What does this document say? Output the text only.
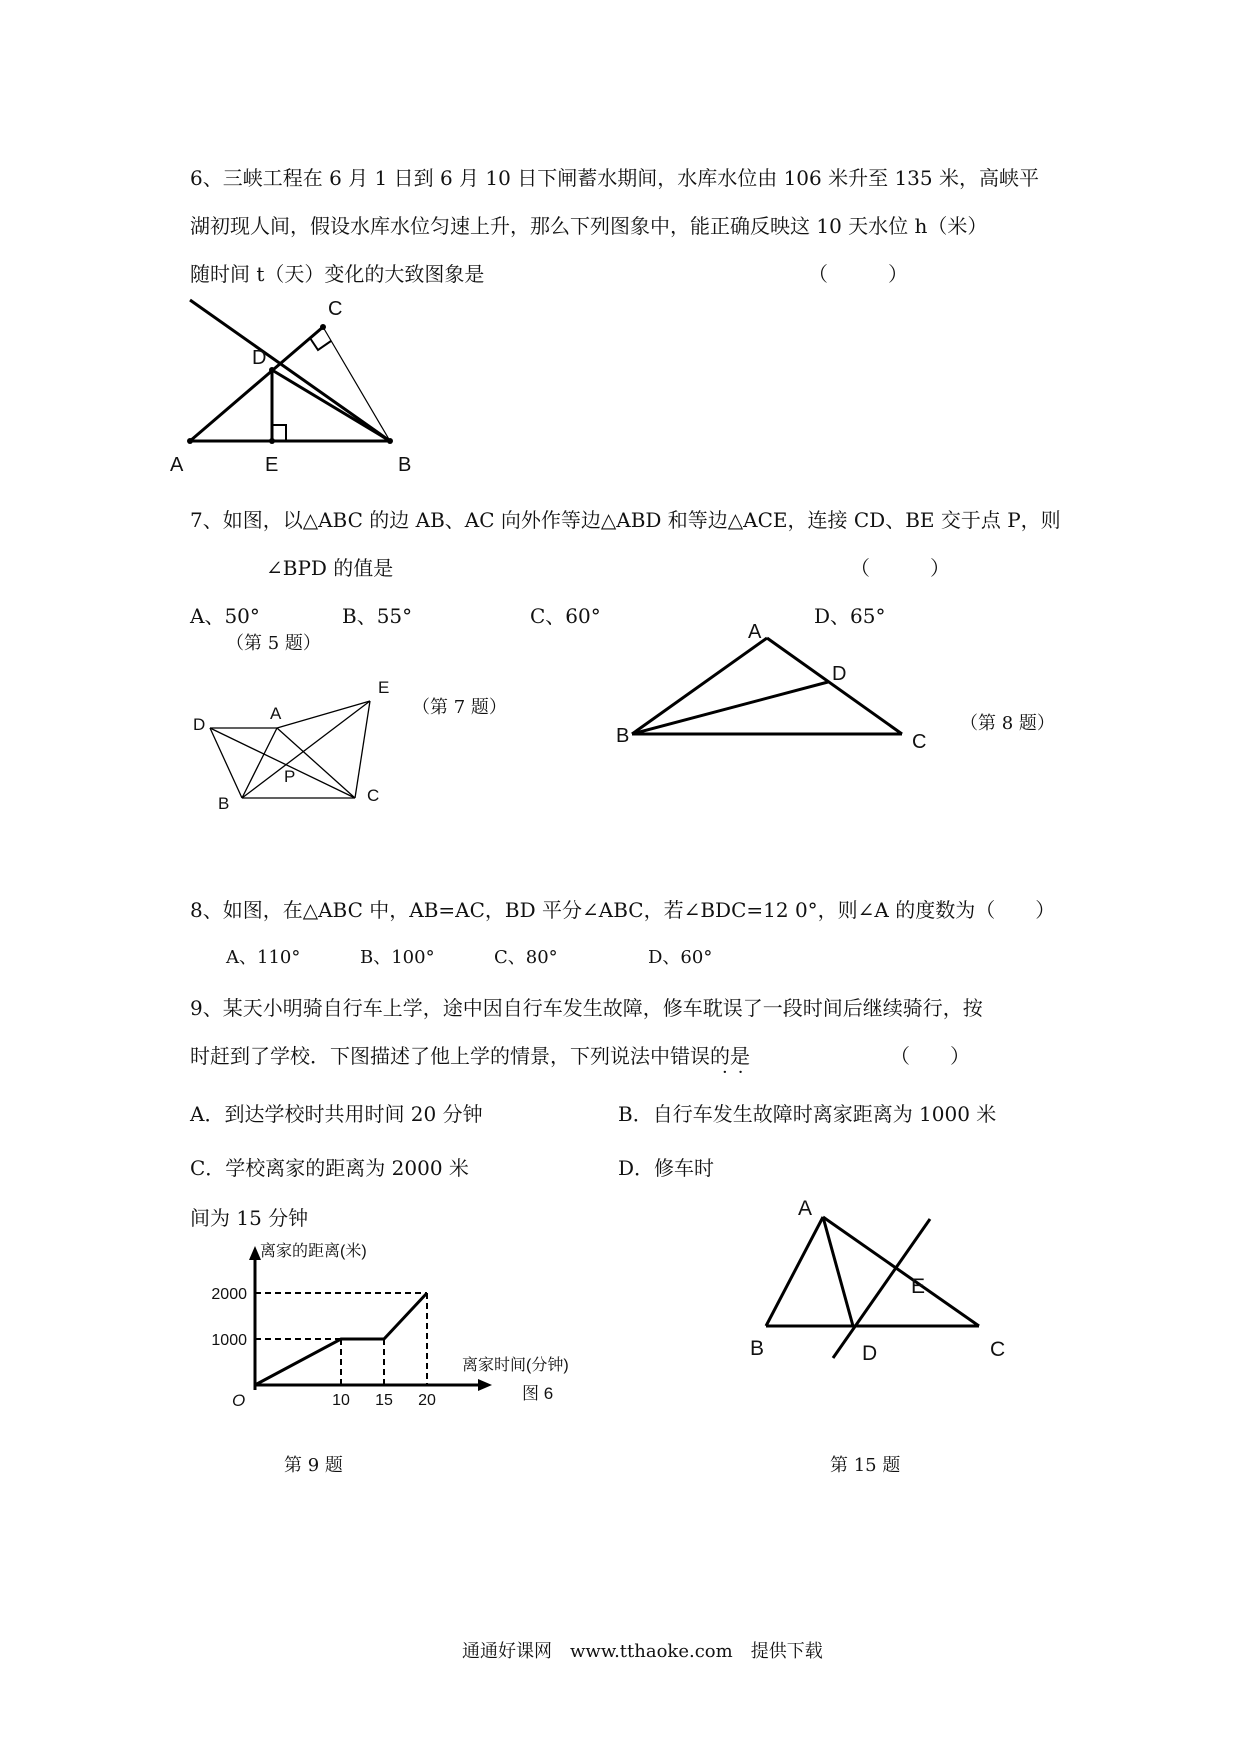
6、三峡工程在 6 月 1 日到 6 月 10 日下闸蓄水期间，水库水位由 106 米升至 135 米，高峡平
湖初现人间，假设水库水位匀速上升，那么下列图象中，能正确反映这 10 天水位 h（米）
随时间 t（天）变化的大致图象是	（　　　）
A	E	B
D
C
7、如图，以△ABC 的边 AB、AC 向外作等边△ABD 和等边△ACE，连接 CD、BE 交于点 P，则
∠BPD 的值是	（　　　）
A、50°	B、55°	C、60°	D、65°
（第 5 题）
D
A
E
P
B	C
（第 7 题）
A
D
B	C
（第 8 题）
8、如图，在△ABC 中，AB=AC，BD 平分∠ABC，若∠BDC=12 0°，则∠A 的度数为（　　）
A、110°	B、100°	C、80°	D、60°
9、某天小明骑自行车上学，途中因自行车发生故障，修车耽误了一段时间后继续骑行，按
时赶到了学校．下图描述了他上学的情景，下列说法中错误的是
··
（　　）
A．到达学校时共用时间 20 分钟	B．自行车发生故障时离家距离为 1000 米
C．学校离家的距离为 2000 米	D．修车时
间为 15 分钟
1000
2000
10 15 20
离家的距离(米)
离家时间(分钟)
O	图 6
第 9 题
A
E
B	D	C
第 15 题
通通好课网　www.tthaoke.com　提供下载
